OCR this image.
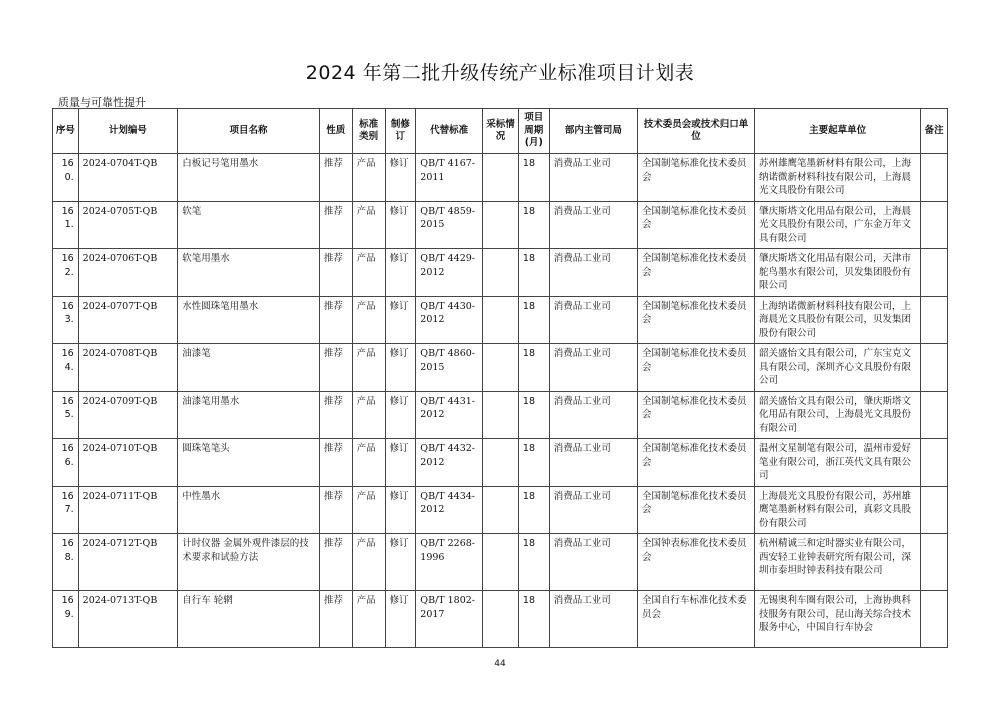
2024 年第二批升级传统产业标准项目计划表
质量与可靠性提升
序号	计划编号	项目名称	性质	标准类别	制修订	代替标准	采标情况	项目周期(月)	部内主管司局	技术委员会或技术归口单位	主要起草单位	备注
160.	2024-0704T-QB	白板记号笔用墨水	推荐	产品	修订	QB/T 4167-2011		18	消费品工业司	全国制笔标准化技术委员会	苏州雄鹰笔墨新材料有限公司，上海纳诺微新材料科技有限公司，上海晨光文具股份有限公司	
161.	2024-0705T-QB	软笔	推荐	产品	修订	QB/T 4859-2015		18	消费品工业司	全国制笔标准化技术委员会	肇庆斯塔文化用品有限公司，上海晨光文具股份有限公司，广东金万年文具有限公司	
162.	2024-0706T-QB	软笔用墨水	推荐	产品	修订	QB/T 4429-2012		18	消费品工业司	全国制笔标准化技术委员会	肇庆斯塔文化用品有限公司，天津市鸵鸟墨水有限公司，贝发集团股份有限公司	
163.	2024-0707T-QB	水性圆珠笔用墨水	推荐	产品	修订	QB/T 4430-2012		18	消费品工业司	全国制笔标准化技术委员会	上海纳诺微新材料科技有限公司，上海晨光文具股份有限公司，贝发集团股份有限公司	
164.	2024-0708T-QB	油漆笔	推荐	产品	修订	QB/T 4860-2015		18	消费品工业司	全国制笔标准化技术委员会	韶关盛怡文具有限公司，广东宝克文具有限公司，深圳齐心文具股份有限公司	
165.	2024-0709T-QB	油漆笔用墨水	推荐	产品	修订	QB/T 4431-2012		18	消费品工业司	全国制笔标准化技术委员会	韶关盛怡文具有限公司，肇庆斯塔文化用品有限公司，上海晨光文具股份有限公司	
166.	2024-0710T-QB	圆珠笔笔头	推荐	产品	修订	QB/T 4432-2012		18	消费品工业司	全国制笔标准化技术委员会	温州文星制笔有限公司，温州市爱好笔业有限公司，浙江英代文具有限公司	
167.	2024-0711T-QB	中性墨水	推荐	产品	修订	QB/T 4434-2012		18	消费品工业司	全国制笔标准化技术委员会	上海晨光文具股份有限公司，苏州雄鹰笔墨新材料有限公司，真彩文具股份有限公司	
168.	2024-0712T-QB	计时仪器 金属外观件漆层的技术要求和试验方法	推荐	产品	修订	QB/T 2268-1996		18	消费品工业司	全国钟表标准化技术委员会	杭州精诚三和定时器实业有限公司，西安轻工业钟表研究所有限公司，深圳市泰坦时钟表科技有限公司	
169.	2024-0713T-QB	自行车 轮辋	推荐	产品	修订	QB/T 1802-2017		18	消费品工业司	全国自行车标准化技术委员会	无锡奥利车圈有限公司，上海协典科技服务有限公司，昆山海关综合技术服务中心，中国自行车协会	
44
